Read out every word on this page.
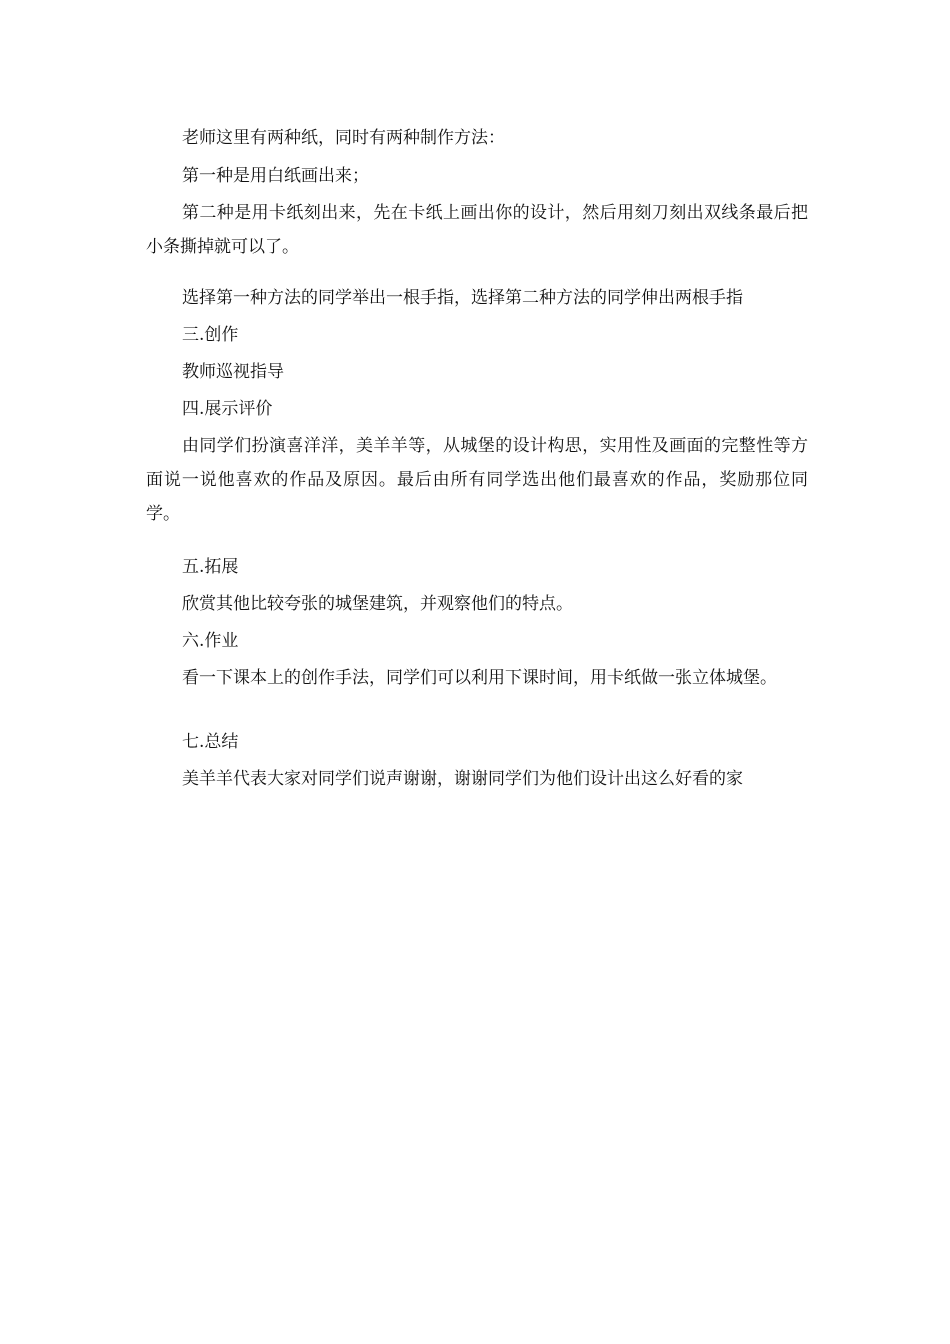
老师这里有两种纸，同时有两种制作方法：

第一种是用白纸画出来；

第二种是用卡纸刻出来，先在卡纸上画出你的设计，然后用刻刀刻出双线条最后把小条撕掉就可以了。

选择第一种方法的同学举出一根手指，选择第二种方法的同学伸出两根手指

三.创作

教师巡视指导

四.展示评价

由同学们扮演喜洋洋，美羊羊等，从城堡的设计构思，实用性及画面的完整性等方面说一说他喜欢的作品及原因。最后由所有同学选出他们最喜欢的作品，奖励那位同学。

五.拓展

欣赏其他比较夸张的城堡建筑，并观察他们的特点。

六.作业

看一下课本上的创作手法，同学们可以利用下课时间，用卡纸做一张立体城堡。

七.总结

美羊羊代表大家对同学们说声谢谢，谢谢同学们为他们设计出这么好看的家
